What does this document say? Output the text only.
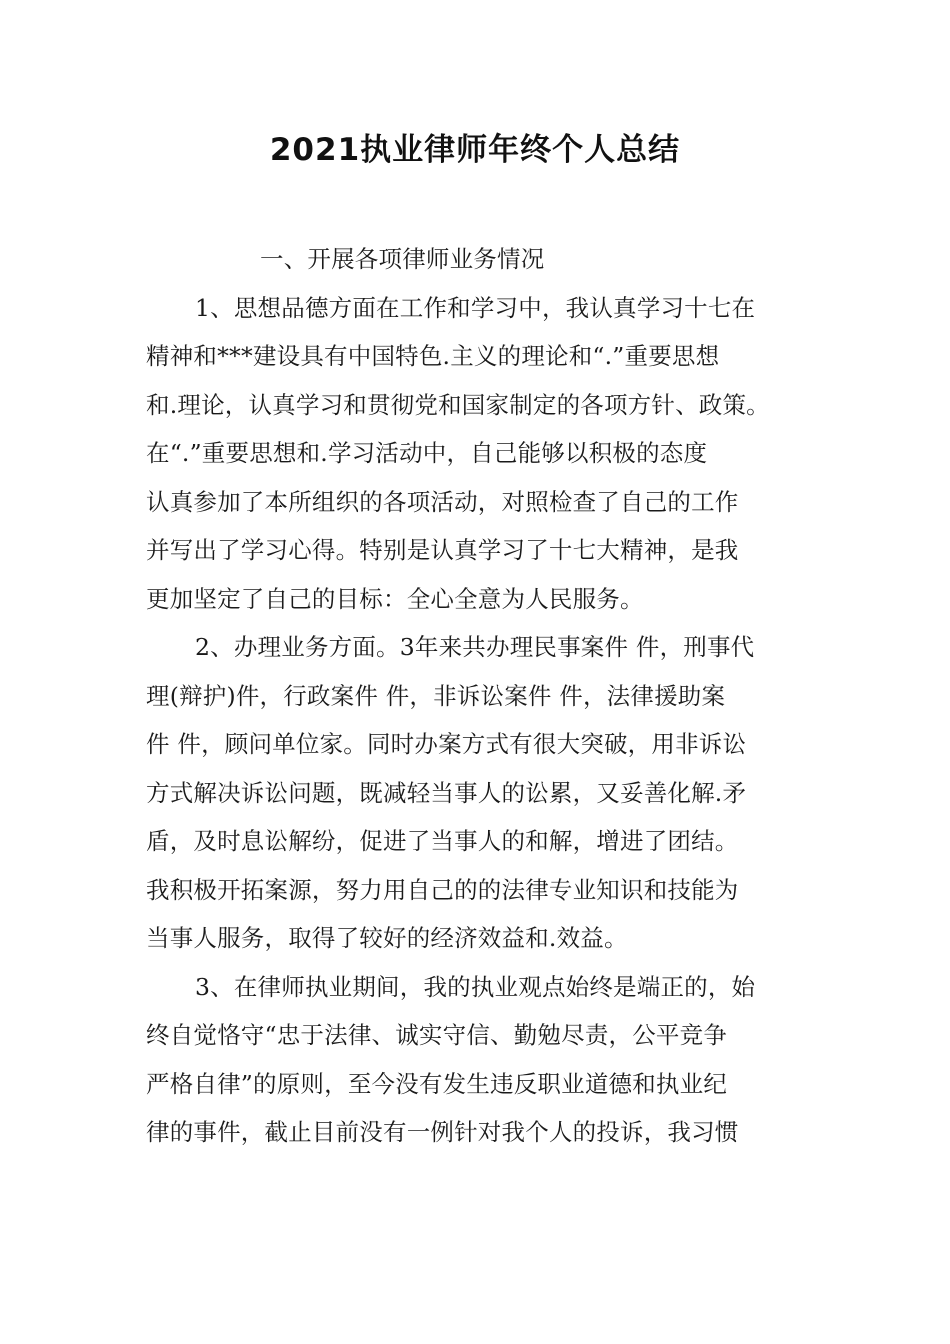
2021执业律师年终个人总结
一、开展各项律师业务情况
1、思想品德方面在工作和学习中，我认真学习十七在
精神和***建设具有中国特色.主义的理论和“.”重要思想
和.理论，认真学习和贯彻党和国家制定的各项方针、政策。
在“.”重要思想和.学习活动中，自己能够以积极的态度
认真参加了本所组织的各项活动，对照检查了自己的工作
并写出了学习心得。特别是认真学习了十七大精神，是我
更加坚定了自己的目标：全心全意为人民服务。
2、办理业务方面。3年来共办理民事案件 件，刑事代
理(辩护)件，行政案件 件，非诉讼案件 件，法律援助案
件 件，顾问单位家。同时办案方式有很大突破，用非诉讼
方式解决诉讼问题，既减轻当事人的讼累，又妥善化解.矛
盾，及时息讼解纷，促进了当事人的和解，增进了团结。
我积极开拓案源，努力用自己的的法律专业知识和技能为
当事人服务，取得了较好的经济效益和.效益。
3、在律师执业期间，我的执业观点始终是端正的，始
终自觉恪守“忠于法律、诚实守信、勤勉尽责，公平竞争
严格自律”的原则，至今没有发生违反职业道德和执业纪
律的事件，截止目前没有一例针对我个人的投诉，我习惯
